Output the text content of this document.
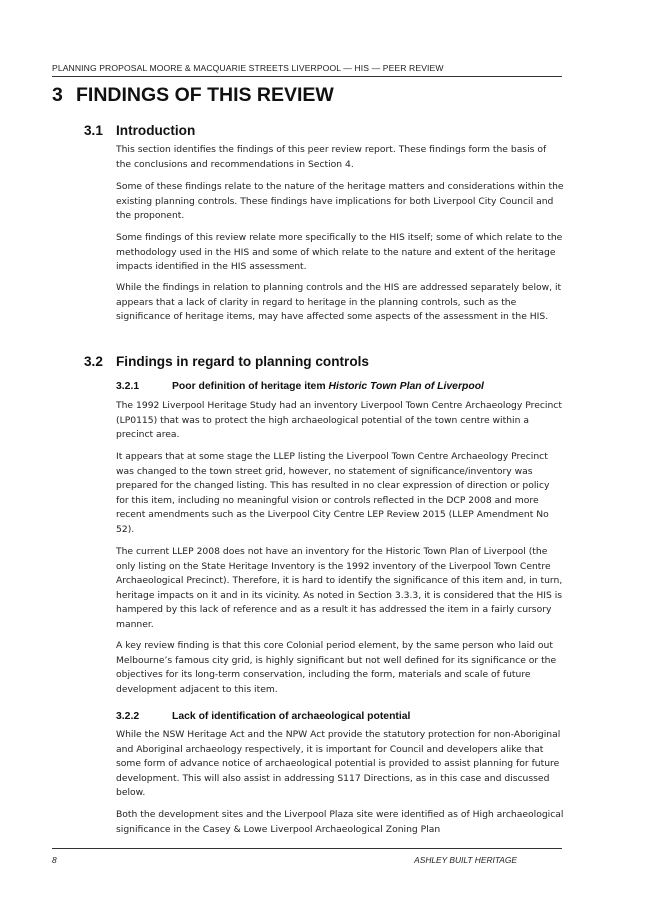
PLANNING PROPOSAL MOORE & MACQUARIE STREETS LIVERPOOL — HIS — PEER REVIEW
3 FINDINGS OF THIS REVIEW
3.1 Introduction

This section identifies the findings of this peer review report. These findings form the basis of the conclusions and recommendations in Section 4.

Some of these findings relate to the nature of the heritage matters and considerations within the existing planning controls. These findings have implications for both Liverpool City Council and the proponent.

Some findings of this review relate more specifically to the HIS itself; some of which relate to the methodology used in the HIS and some of which relate to the nature and extent of the heritage impacts identified in the HIS assessment.

While the findings in relation to planning controls and the HIS are addressed separately below, it appears that a lack of clarity in regard to heritage in the planning controls, such as the significance of heritage items, may have affected some aspects of the assessment in the HIS.

3.2 Findings in regard to planning controls
3.2.1	Poor definition of heritage item Historic Town Plan of Liverpool

The 1992 Liverpool Heritage Study had an inventory Liverpool Town Centre Archaeology Precinct (LP0115) that was to protect the high archaeological potential of the town centre within a precinct area.

It appears that at some stage the LLEP listing the Liverpool Town Centre Archaeology Precinct was changed to the town street grid, however, no statement of significance/inventory was prepared for the changed listing. This has resulted in no clear expression of direction or policy for this item, including no meaningful vision or controls reflected in the DCP 2008 and more recent amendments such as the Liverpool City Centre LEP Review 2015 (LLEP Amendment No 52).

The current LLEP 2008 does not have an inventory for the Historic Town Plan of Liverpool (the only listing on the State Heritage Inventory is the 1992 inventory of the Liverpool Town Centre Archaeological Precinct). Therefore, it is hard to identify the significance of this item and, in turn, heritage impacts on it and in its vicinity. As noted in Section 3.3.3, it is considered that the HIS is hampered by this lack of reference and as a result it has addressed the item in a fairly cursory manner.

A key review finding is that this core Colonial period element, by the same person who laid out Melbourne’s famous city grid, is highly significant but not well defined for its significance or the objectives for its long-term conservation, including the form, materials and scale of future development adjacent to this item.

3.2.2	Lack of identification of archaeological potential

While the NSW Heritage Act and the NPW Act provide the statutory protection for non-Aboriginal and Aboriginal archaeology respectively, it is important for Council and developers alike that some form of advance notice of archaeological potential is provided to assist planning for future development. This will also assist in addressing S117 Directions, as in this case and discussed below.

Both the development sites and the Liverpool Plaza site were identified as of High archaeological significance in the Casey & Lowe Liverpool Archaeological Zoning Plan

8	ASHLEY BUILT HERITAGE
